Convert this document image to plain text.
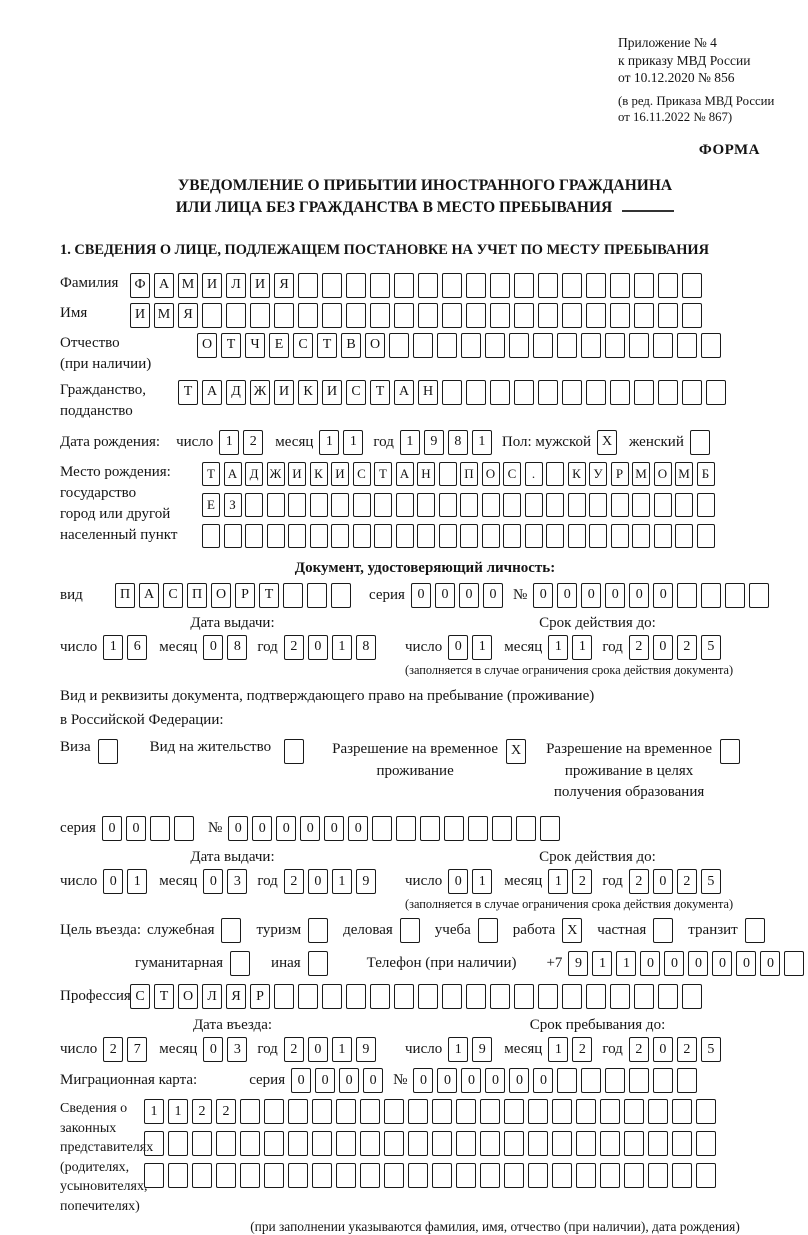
Приложение № 4
к приказу МВД России
от 10.12.2020 № 856
(в ред. Приказа МВД России
от 16.11.2022 № 867)
ФОРМА
УВЕДОМЛЕНИЕ О ПРИБЫТИИ ИНОСТРАННОГО ГРАЖДАНИНА
ИЛИ ЛИЦА БЕЗ ГРАЖДАНСТВА В МЕСТО ПРЕБЫВАНИЯ
1. СВЕДЕНИЯ О ЛИЦЕ, ПОДЛЕЖАЩЕМ ПОСТАНОВКЕ НА УЧЕТ ПО МЕСТУ ПРЕБЫВАНИЯ
Фамилия	Ф А М И	Л	И	Я
Имя	И М Я
Отчество
(при наличии)
О	Т	Ч	Е	С	Т	В	О
Гражданство,
подданство
Т	А	Д Ж И	К	И	С	Т	А Н
Дата рождения: число 1	2	месяц 1	1	год 1	9	8	1	Пол: мужской X	женский
Место рождения:
государство
город или другой
населенный пункт
Т А Д Ж И К И С	Т А Н	П О С	.	К У	Р М О М Б
Е	З
Документ, удостоверяющий личность:
вид	П А	С	П О	Р	Т	серия 0	0	0	0	№ 0	0	0	0	0	0
Дата выдачи:
число 1	6	месяц 0	8	год 2	0	1	8
Срок действия до:
число 0	1	месяц 1	1	год 2	0	2	5
(заполняется в случае ограничения срока действия документа)
Вид и реквизиты документа, подтверждающего право на пребывание (проживание)
в Российской Федерации:
Виза	Вид на жительство	Разрешение на временное
проживание
X	Разрешение на временное
проживание в целях
получения образования
серия 0	0	№ 0	0	0	0	0	0
Дата выдачи:
число 0	1	месяц 0	3	год 2	0	1	9
Срок действия до:
число 0	1	месяц 1	2	год 2	0	2	5
(заполняется в случае ограничения срока действия документа)
Цель въезда: служебная	туризм	деловая	учеба	работа X	частная	транзит
гуманитарная	иная	Телефон (при наличии) +7 9	1	1	0	0	0	0	0	0
Профессия С	Т	О	Л	Я	Р
Дата въезда:
число 2	7	месяц 0	3	год 2	0	1	9
Срок пребывания до:
число 1	9	месяц 1	2	год 2	0	2	5
Миграционная карта:	серия 0	0	0	0	№ 0	0	0	0	0	0
Сведения о
законных
представителях
(родителях,
усыновителях,
попечителях)
1	1	2	2
(при заполнении указываются фамилия, имя, отчество (при наличии), дата рождения)
